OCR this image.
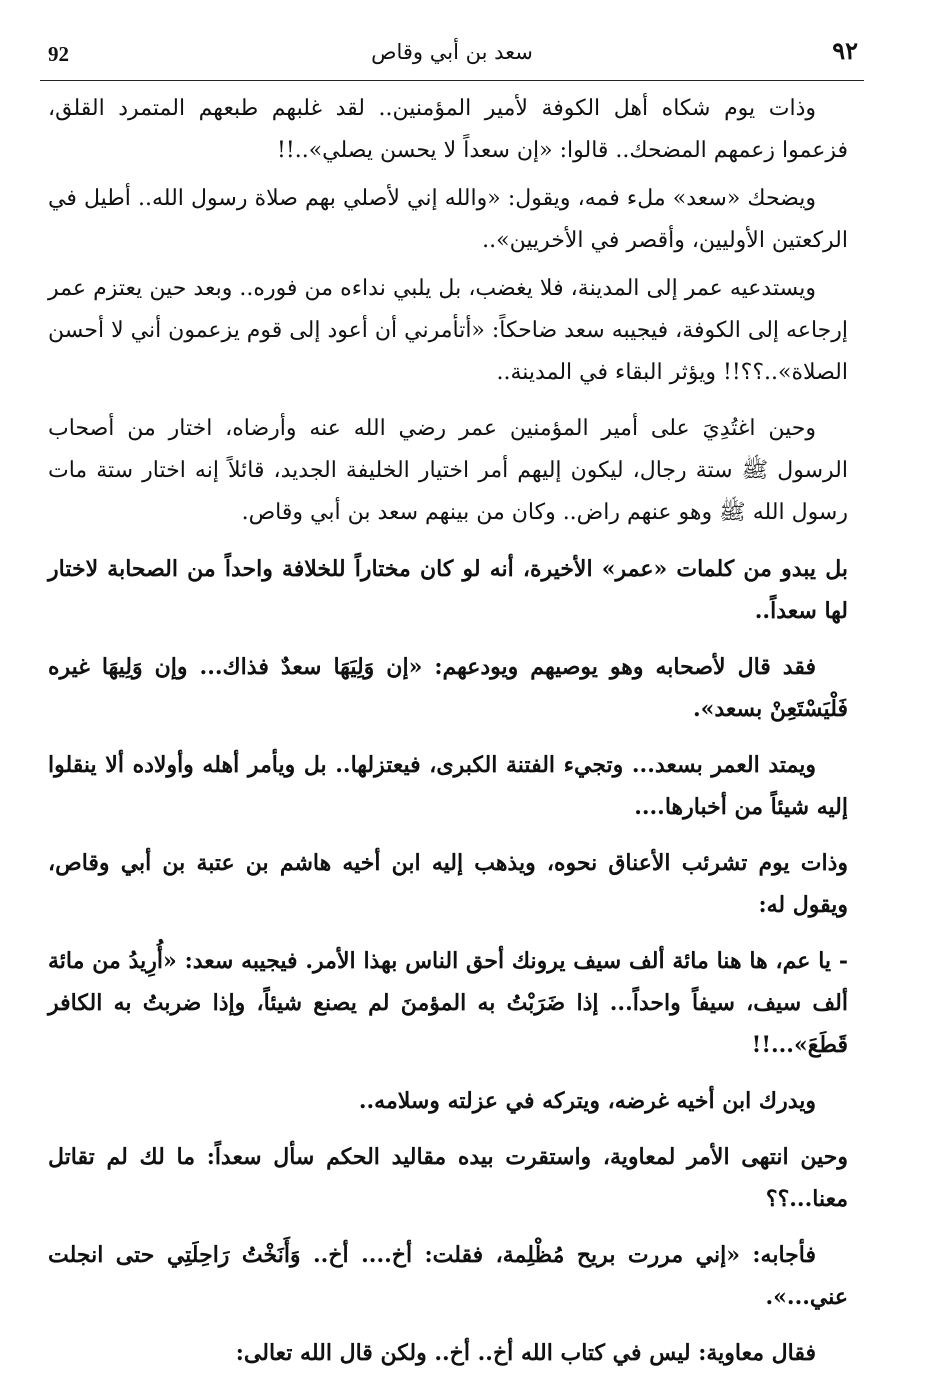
92	سعد بن أبي وقاص	٩٢

وذات يوم شكاه أهل الكوفة لأمير المؤمنين.. لقد غلبهم طبعهم المتمرد القلق، فزعموا زعمهم المضحك.. قالوا: «إن سعداً لا يحسن يصلي»..!!

ويضحك «سعد» ملء فمه، ويقول: «والله إني لأصلي بهم صلاة رسول الله.. أطيل في الركعتين الأوليين، وأقصر في الأخريين»..

ويستدعيه عمر إلى المدينة، فلا يغضب، بل يلبي نداءه من فوره.. وبعد حين يعتزم عمر إرجاعه إلى الكوفة، فيجيبه سعد ضاحكاً: «أتأمرني أن أعود إلى قوم يزعمون أني لا أحسن الصلاة»..؟؟!! ويؤثر البقاء في المدينة..

وحين اغتُدِيَ على أمير المؤمنين عمر رضي الله عنه وأرضاه، اختار من أصحاب الرسول ﷺ ستة رجال، ليكون إليهم أمر اختيار الخليفة الجديد، قائلاً إنه اختار ستة مات رسول الله ﷺ وهو عنهم راض.. وكان من بينهم سعد بن أبي وقاص.

بل يبدو من كلمات «عمر» الأخيرة، أنه لو كان مختاراً للخلافة واحداً من الصحابة لاختار لها سعداً..

فقد قال لأصحابه وهو يوصيهم ويودعهم: «إن وَلِيَهَا سعدٌ فذاك... وإن وَلِيهَا غيره فَلْيَسْتَعِنْ بسعد».

ويمتد العمر بسعد... وتجيء الفتنة الكبرى، فيعتزلها.. بل ويأمر أهله وأولاده ألا ينقلوا إليه شيئاً من أخبارها....

وذات يوم تشرئب الأعناق نحوه، ويذهب إليه ابن أخيه هاشم بن عتبة بن أبي وقاص، ويقول له:

- يا عم، ها هنا مائة ألف سيف يرونك أحق الناس بهذا الأمر. فيجيبه سعد: «أُرِيدُ من مائة ألف سيف، سيفاً واحداً... إذا ضَرَبْتُ به المؤمنَ لم يصنع شيئاً، وإذا ضربتُ به الكافر قَطَعَ»...!!

ويدرك ابن أخيه غرضه، ويتركه في عزلته وسلامه..

وحين انتهى الأمر لمعاوية، واستقرت بيده مقاليد الحكم سأل سعداً: ما لك لم تقاتل معنا...؟؟

فأجابه: «إني مررت بريح مُظْلِمة، فقلت: أخ.... أخ.. وَأَنَخْتُ رَاحِلَتِي حتى انجلت عني...».

فقال معاوية: ليس في كتاب الله أخ.. أخ.. ولكن قال الله تعالى:
